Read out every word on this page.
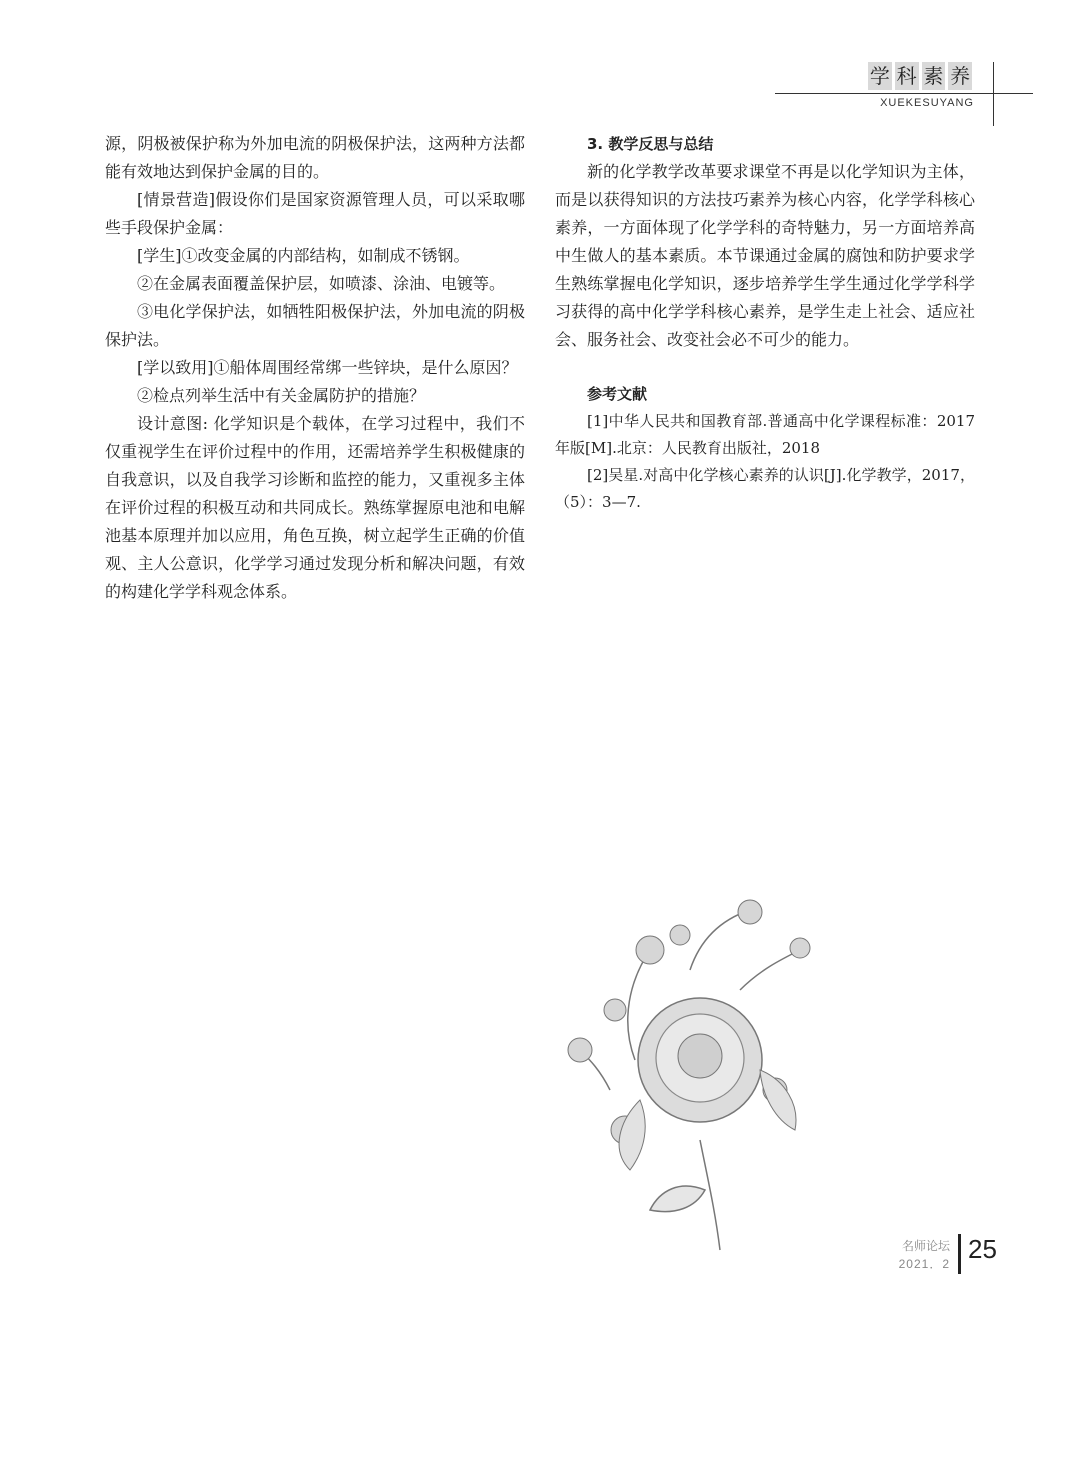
学 科 素 养
XUEKESUYANG

源，阴极被保护称为外加电流的阴极保护法，这两种方法都能有效地达到保护金属的目的。

[情景营造]假设你们是国家资源管理人员，可以采取哪些手段保护金属：

[学生]①改变金属的内部结构，如制成不锈钢。

②在金属表面覆盖保护层，如喷漆、涂油、电镀等。

③电化学保护法，如牺牲阳极保护法，外加电流的阴极保护法。

[学以致用]①船体周围经常绑一些锌块，是什么原因？

②检点列举生活中有关金属防护的措施？

设计意图: 化学知识是个载体，在学习过程中，我们不仅重视学生在评价过程中的作用，还需培养学生积极健康的自我意识，以及自我学习诊断和监控的能力，又重视多主体在评价过程的积极互动和共同成长。熟练掌握原电池和电解池基本原理并加以应用，角色互换，树立起学生正确的价值观、主人公意识，化学学习通过发现分析和解决问题，有效的构建化学学科观念体系。

3. 教学反思与总结

新的化学教学改革要求课堂不再是以化学知识为主体，而是以获得知识的方法技巧素养为核心内容，化学学科核心素养，一方面体现了化学学科的奇特魅力，另一方面培养高中生做人的基本素质。本节课通过金属的腐蚀和防护要求学生熟练掌握电化学知识，逐步培养学生学生通过化学学科学习获得的高中化学学科核心素养，是学生走上社会、适应社会、服务社会、改变社会必不可少的能力。

参考文献

[1]中华人民共和国教育部.普通高中化学课程标准：2017年版[M].北京：人民教育出版社，2018

[2]吴星.对高中化学核心素养的认识[J].化学教学，2017，（5）：3—7.

名师论坛
2021．2 25
